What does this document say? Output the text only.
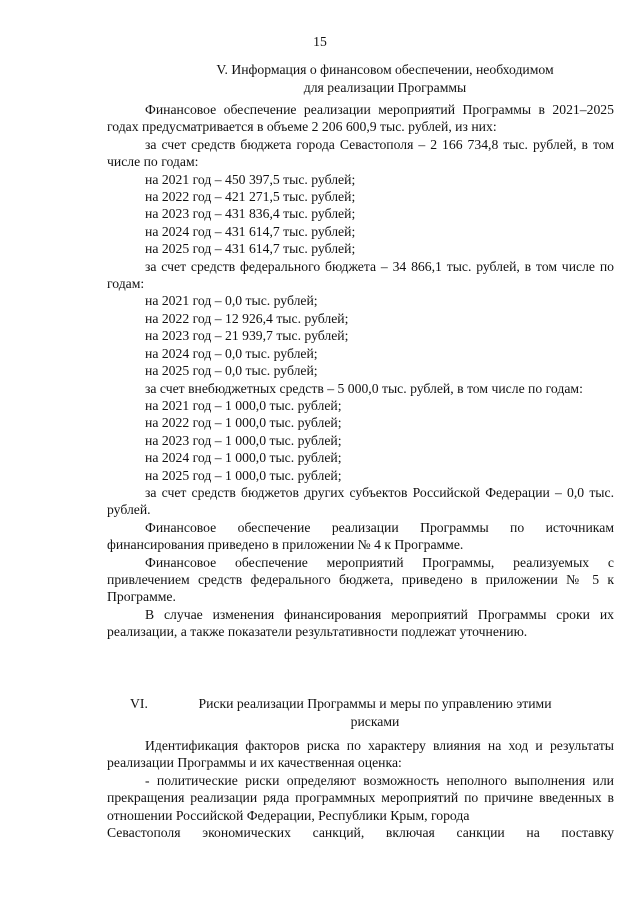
15
V. Информация о финансовом обеспечении, необходимом
для реализации Программы

Финансовое обеспечение реализации мероприятий Программы в 2021–2025 годах предусматривается в объеме 2 206 600,9 тыс. рублей, из них:

за счет средств бюджета города Севастополя – 2 166 734,8 тыс. рублей, в том числе по годам:

на 2021 год – 450 397,5 тыс. рублей;

на 2022 год – 421 271,5 тыс. рублей;

на 2023 год – 431 836,4 тыс. рублей;

на 2024 год – 431 614,7 тыс. рублей;

на 2025 год – 431 614,7 тыс. рублей;

за счет средств федерального бюджета – 34 866,1 тыс. рублей, в том числе по годам:

на 2021 год – 0,0 тыс. рублей;

на 2022 год – 12 926,4 тыс. рублей;

на 2023 год – 21 939,7 тыс. рублей;

на 2024 год – 0,0 тыс. рублей;

на 2025 год – 0,0 тыс. рублей;

за счет внебюджетных средств – 5 000,0 тыс. рублей, в том числе по годам:

на 2021 год – 1 000,0 тыс. рублей;

на 2022 год – 1 000,0 тыс. рублей;

на 2023 год – 1 000,0 тыс. рублей;

на 2024 год – 1 000,0 тыс. рублей;

на 2025 год – 1 000,0 тыс. рублей;

за счет средств бюджетов других субъектов Российской Федерации – 0,0 тыс. рублей.

Финансовое обеспечение реализации Программы по источникам финансирования приведено в приложении № 4 к Программе.

Финансовое обеспечение мероприятий Программы, реализуемых с привлечением средств федерального бюджета, приведено в приложении № 5 к Программе.

В случае изменения финансирования мероприятий Программы сроки их реализации, а также показатели результативности подлежат уточнению.

VI.	Риски реализации Программы и меры по управлению этими
рисками

Идентификация факторов риска по характеру влияния на ход и результаты реализации Программы и их качественная оценка:

- политические риски определяют возможность неполного выполнения или прекращения реализации ряда программных мероприятий по причине введенных в отношении Российской Федерации, Республики Крым, города

Севастополя экономических санкций, включая санкции на поставку
